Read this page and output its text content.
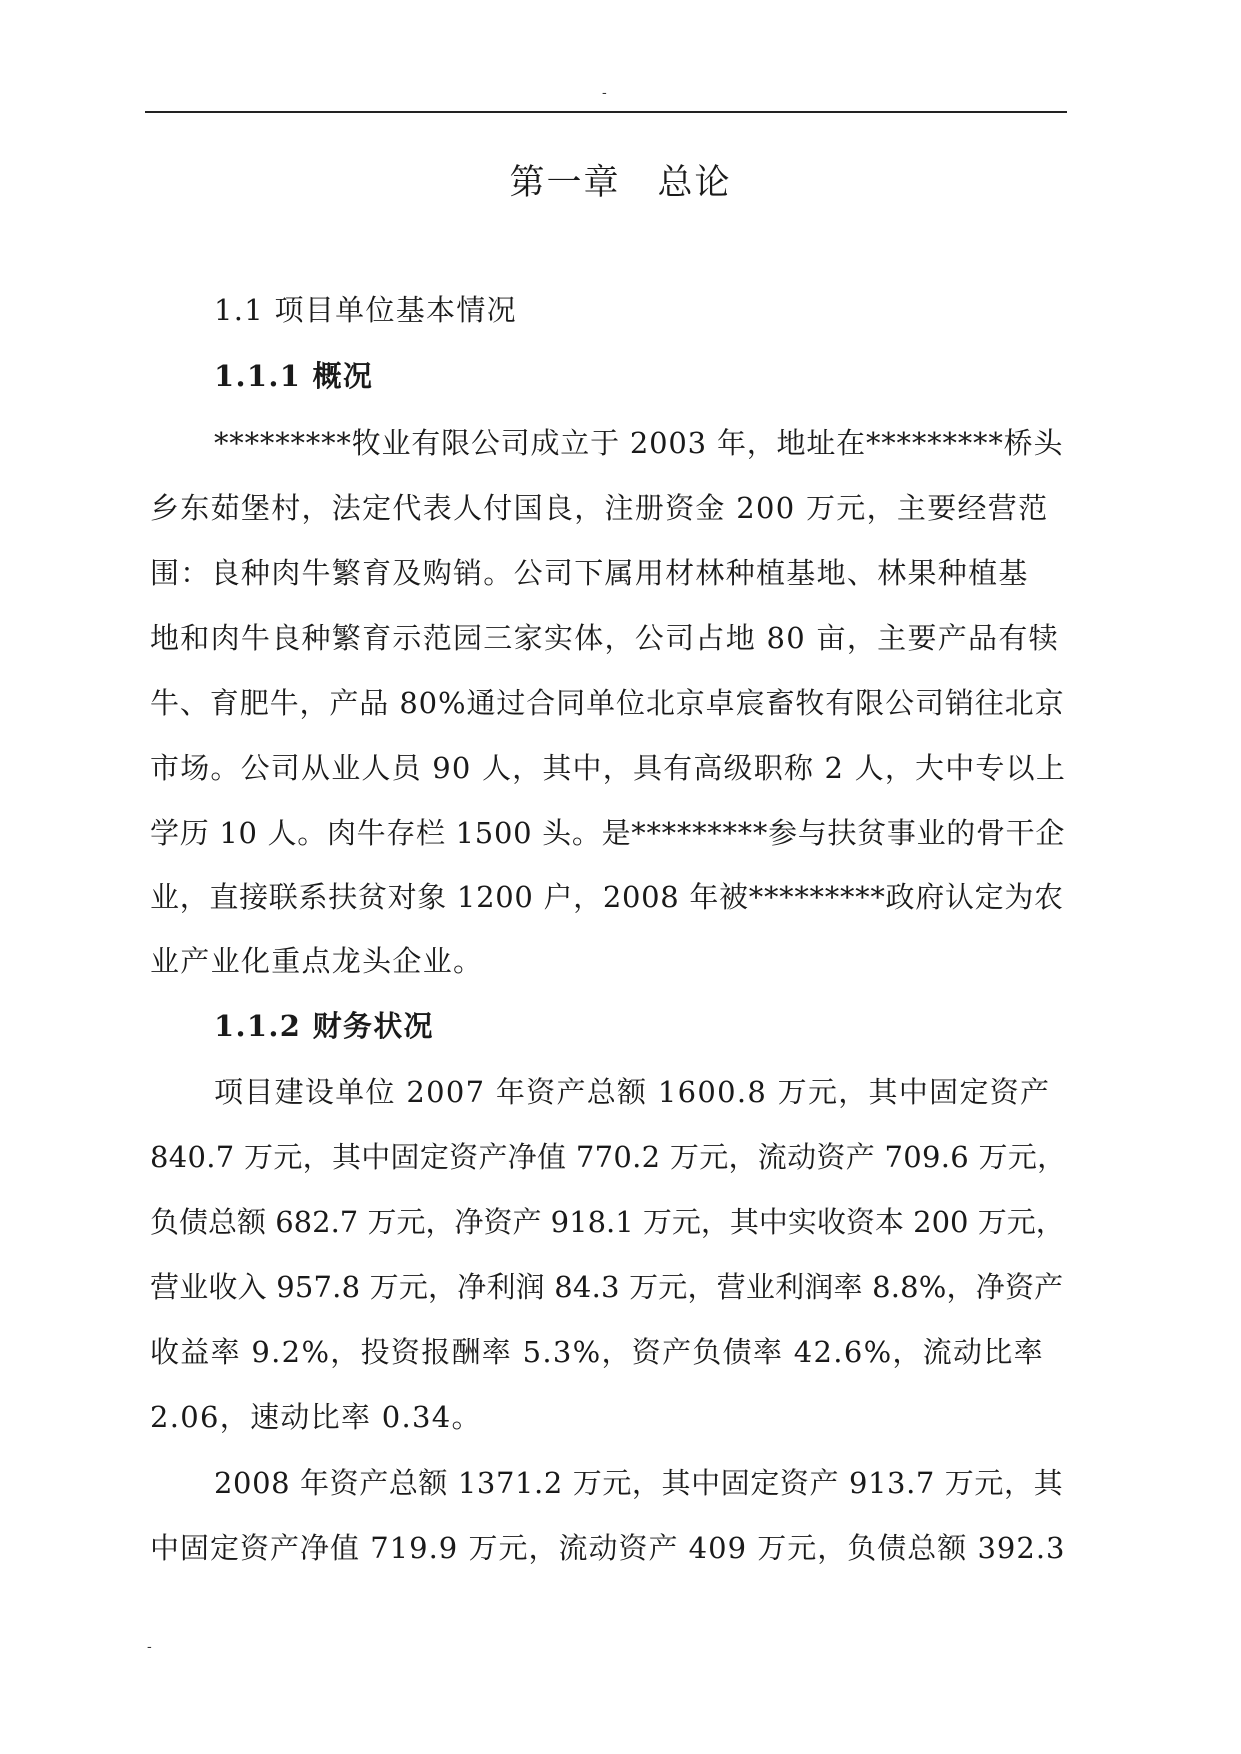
-
第一章　总论
1.1 项目单位基本情况
1.1.1 概况
*********牧业有限公司成立于 2003 年，地址在*********桥头
乡东茹堡村，法定代表人付国良，注册资金 200 万元，主要经营范
围：良种肉牛繁育及购销。公司下属用材林种植基地、林果种植基
地和肉牛良种繁育示范园三家实体，公司占地 80 亩，主要产品有犊
牛、育肥牛，产品 80%通过合同单位北京卓宸畜牧有限公司销往北京
市场。公司从业人员 90 人，其中，具有高级职称 2 人，大中专以上
学历 10 人。肉牛存栏 1500 头。是*********参与扶贫事业的骨干企
业，直接联系扶贫对象 1200 户，2008 年被*********政府认定为农
业产业化重点龙头企业。
1.1.2 财务状况
项目建设单位 2007 年资产总额 1600.8 万元，其中固定资产
840.7 万元，其中固定资产净值 770.2 万元，流动资产 709.6 万元，
负债总额 682.7 万元，净资产 918.1 万元，其中实收资本 200 万元，
营业收入 957.8 万元，净利润 84.3 万元，营业利润率 8.8%，净资产
收益率 9.2%，投资报酬率 5.3%，资产负债率 42.6%，流动比率
2.06，速动比率 0.34。
2008 年资产总额 1371.2 万元，其中固定资产 913.7 万元，其
中固定资产净值 719.9 万元，流动资产 409 万元，负债总额 392.3
-
